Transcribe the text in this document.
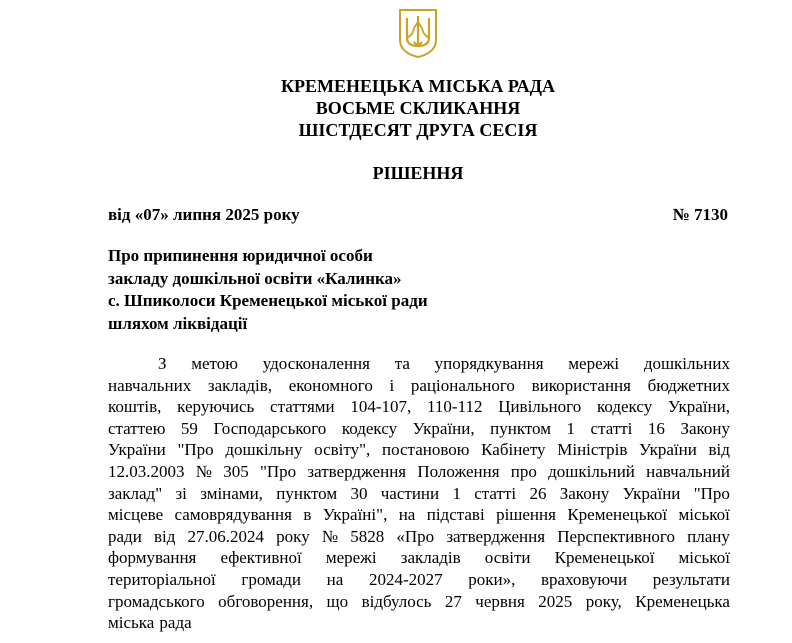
КРЕМЕНЕЦЬКА МІСЬКА РАДА
ВОСЬМЕ СКЛИКАННЯ
ШІСТДЕСЯТ ДРУГА СЕСІЯ
РІШЕННЯ
від «07» липня 2025 року	№ 7130
Про припинення юридичної особи
закладу дошкільної освіти «Калинка»
с. Шпиколоси Кременецької міської ради
шляхом ліквідації
З метою удосконалення та упорядкування мережі дошкільних
навчальних закладів, економного і раціонального використання бюджетних
коштів, керуючись статтями 104-107, 110-112 Цивільного кодексу України,
статтею 59 Господарського кодексу України, пунктом 1 статті 16 Закону
України "Про дошкільну освіту", постановою Кабінету Міністрів України від
12.03.2003 № 305 "Про затвердження Положення про дошкільний навчальний
заклад" зі змінами, пунктом 30 частини 1 статті 26 Закону України "Про
місцеве самоврядування в Україні", на підставі рішення Кременецької міської
ради від 27.06.2024 року № 5828 «Про затвердження Перспективного плану
формування ефективної мережі закладів освіти Кременецької міської
територіальної громади на 2024-2027 роки», враховуючи результати
громадського обговорення, що відбулось 27 червня 2025 року, Кременецька
міська рада
